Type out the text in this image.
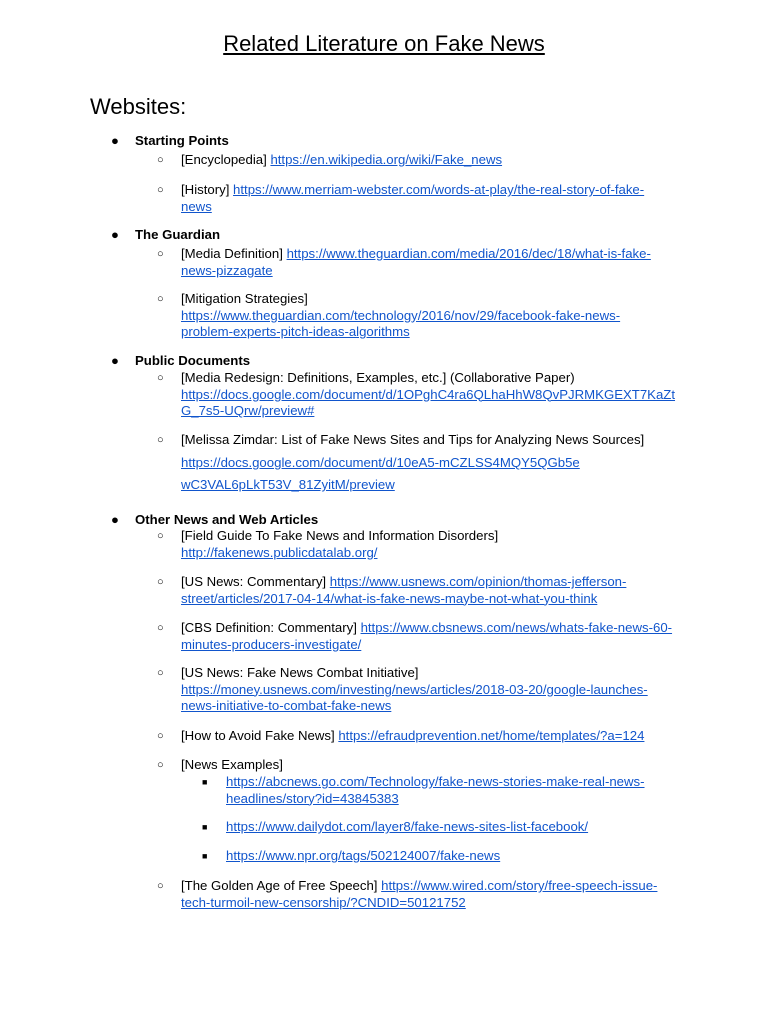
Related Literature on Fake News
Websites:
●	Starting Points
○ [Encyclopedia] https://en.wikipedia.org/wiki/Fake_news
○ [History] https://www.merriam-webster.com/words-at-play/the-real-story-of-fake-news
●	The Guardian
○ [Media Definition] https://www.theguardian.com/media/2016/dec/18/what-is-fake-news-pizzagate
○ [Mitigation Strategies]
https://www.theguardian.com/technology/2016/nov/29/facebook-fake-news-problem-experts-pitch-ideas-algorithms
●	Public Documents
○ [Media Redesign: Definitions, Examples, etc.] (Collaborative Paper)
https://docs.google.com/document/d/1OPghC4ra6QLhaHhW8QvPJRMKGEXT7KaZtG_7s5-UQrw/preview#
○ [Melissa Zimdar: List of Fake News Sites and Tips for Analyzing News Sources]
https://docs.google.com/document/d/10eA5-mCZLSS4MQY5QGb5ewC3VAL6pLkT53V_81ZyitM/preview
●	Other News and Web Articles
○ [Field Guide To Fake News and Information Disorders]
http://fakenews.publicdatalab.org/
○ [US News: Commentary] https://www.usnews.com/opinion/thomas-jefferson-street/articles/2017-04-14/what-is-fake-news-maybe-not-what-you-think
○ [CBS Definition: Commentary] https://www.cbsnews.com/news/whats-fake-news-60-minutes-producers-investigate/
○ [US News: Fake News Combat Initiative]
https://money.usnews.com/investing/news/articles/2018-03-20/google-launches-news-initiative-to-combat-fake-news
○ [How to Avoid Fake News] https://efraudprevention.net/home/templates/?a=124
○ [News Examples]
■ https://abcnews.go.com/Technology/fake-news-stories-make-real-news-headlines/story?id=43845383
■ https://www.dailydot.com/layer8/fake-news-sites-list-facebook/
■ https://www.npr.org/tags/502124007/fake-news
○ [The Golden Age of Free Speech] https://www.wired.com/story/free-speech-issue-tech-turmoil-new-censorship/?CNDID=50121752
